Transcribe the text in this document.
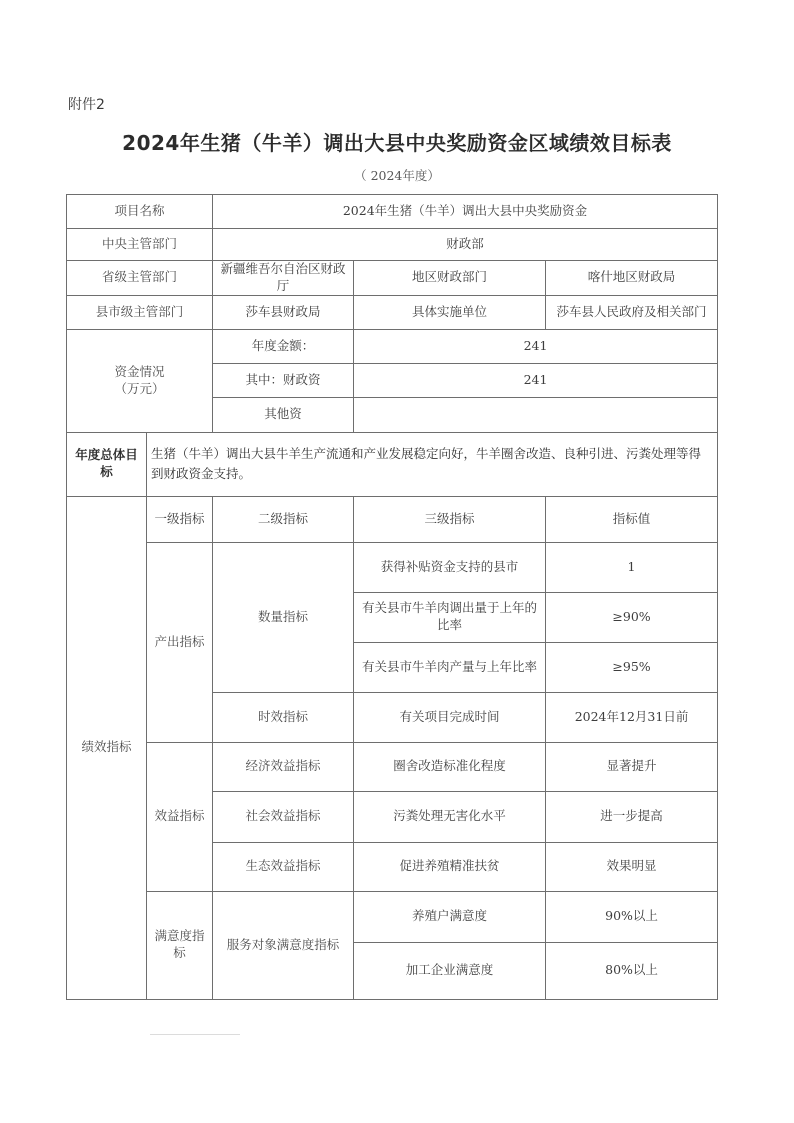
附件2
2024年生猪（牛羊）调出大县中央奖励资金区域绩效目标表
（ 2024年度）
项目名称		2024年生猪（牛羊）调出大县中央奖励资金		
中央主管部门		财政部		
省级主管部门		新疆维吾尔自治区财政厅	地区财政部门	喀什地区财政局
县市级主管部门		莎车县财政局	具体实施单位	莎车县人民政府及相关部门
资金情况
（万元）		年度金额：	241	
		其中：财政资	241	
		其他资		
年度总体目标	生猪（牛羊）调出大县牛羊生产流通和产业发展稳定向好，牛羊圈舍改造、良种引进、污粪处理等得到财政资金支持。			
绩效指标	一级指标	二级指标	三级指标	指标值
	产出指标	数量指标	获得补贴资金支持的县市	1
			有关县市牛羊肉调出量于上年的比率	≥90%
			有关县市牛羊肉产量与上年比率	≥95%
		时效指标	有关项目完成时间	2024年12月31日前
	效益指标	经济效益指标	圈舍改造标准化程度	显著提升
		社会效益指标	污粪处理无害化水平	进一步提高
		生态效益指标	促进养殖精准扶贫	效果明显
	满意度指标	服务对象满意度指标	养殖户满意度	90%以上
			加工企业满意度	80%以上
